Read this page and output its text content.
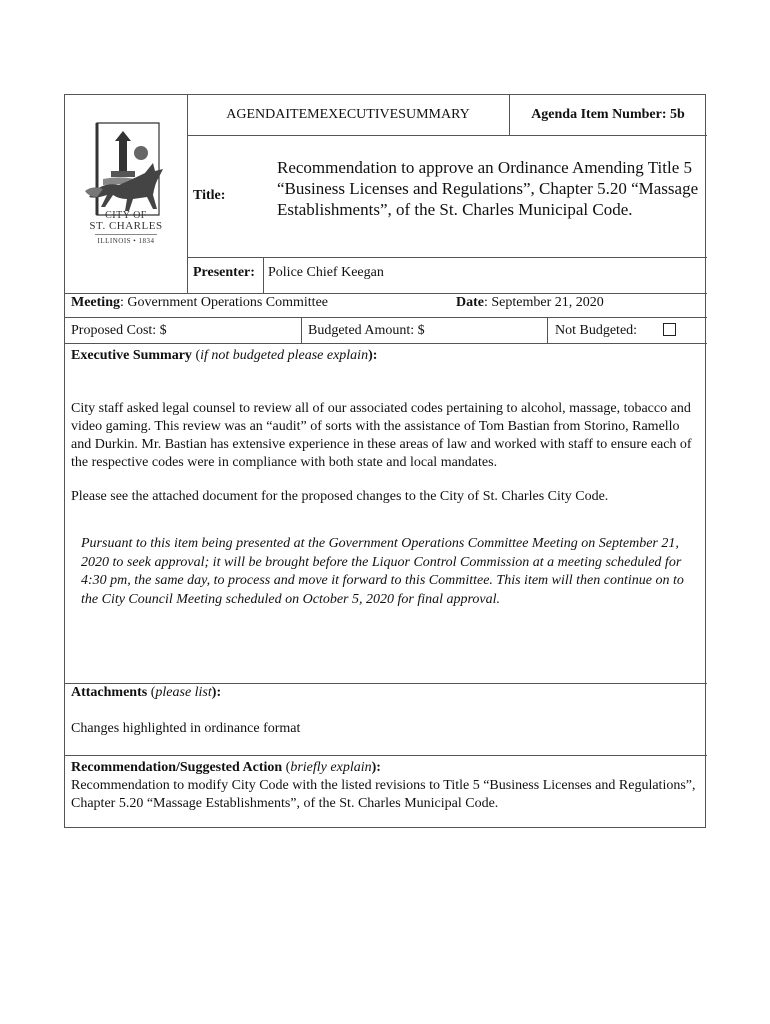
CITY OF
ST. CHARLES
ILLINOIS • 1834
A GENDA I TEM E XECUTIVE S UMMARY	Agenda Item Number: 5b
Title:
Recommendation to approve an Ordinance Amending Title 5 “Business Licenses and Regulations”, Chapter 5.20 “Massage Establishments”, of the St. Charles Municipal Code.
Presenter: Police Chief Keegan
Meeting: Government Operations Committee	Date: September 21, 2020
Proposed Cost: $	Budgeted Amount: $	Not Budgeted:
Executive Summary (if not budgeted please explain):
City staff asked legal counsel to review all of our associated codes pertaining to alcohol, massage, tobacco and video gaming. This review was an “audit” of sorts with the assistance of Tom Bastian from Storino, Ramello and Durkin. Mr. Bastian has extensive experience in these areas of law and worked with staff to ensure each of the respective codes were in compliance with both state and local mandates.
Please see the attached document for the proposed changes to the City of St. Charles City Code.
Pursuant to this item being presented at the Government Operations Committee Meeting on September 21, 2020 to seek approval; it will be brought before the Liquor Control Commission at a meeting scheduled for 4:30 pm, the same day, to process and move it forward to this Committee. This item will then continue on to the City Council Meeting scheduled on October 5, 2020 for final approval.
Attachments (please list):
Changes highlighted in ordinance format
Recommendation/Suggested Action (briefly explain):
Recommendation to modify City Code with the listed revisions to Title 5 “Business Licenses and Regulations”, Chapter 5.20 “Massage Establishments”, of the St. Charles Municipal Code.
